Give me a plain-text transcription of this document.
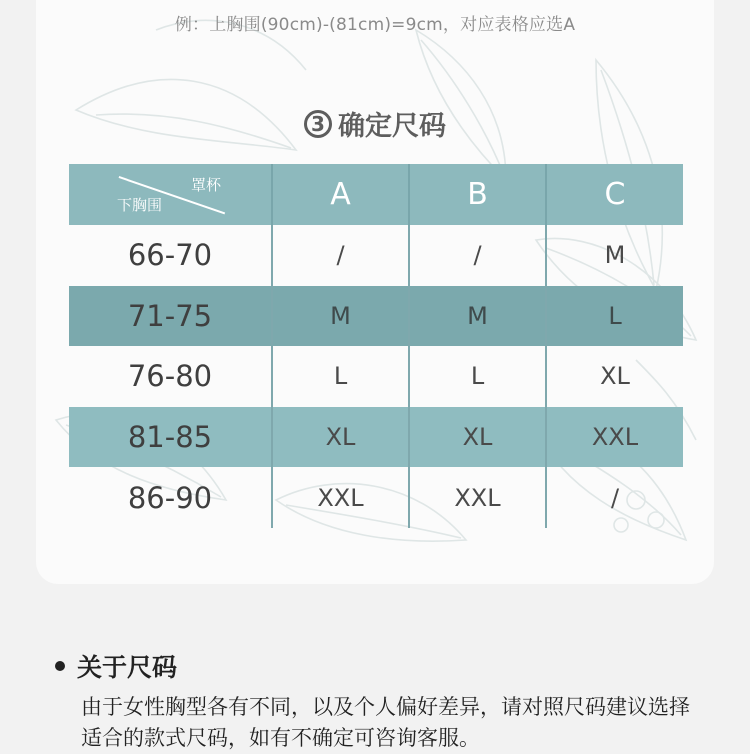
例：上胸围(90cm)-(81cm)=9cm，对应表格应选A
3 确定尺码
罩杯
下胸围	A	B	C
66-70	/	/	M
71-75	M	M	L
76-80	L	L	XL
81-85	XL	XL	XXL
86-90	XXL	XXL	/
关于尺码
由于女性胸型各有不同，以及个人偏好差异，请对照尺码建议选择适合的款式尺码，如有不确定可咨询客服。
